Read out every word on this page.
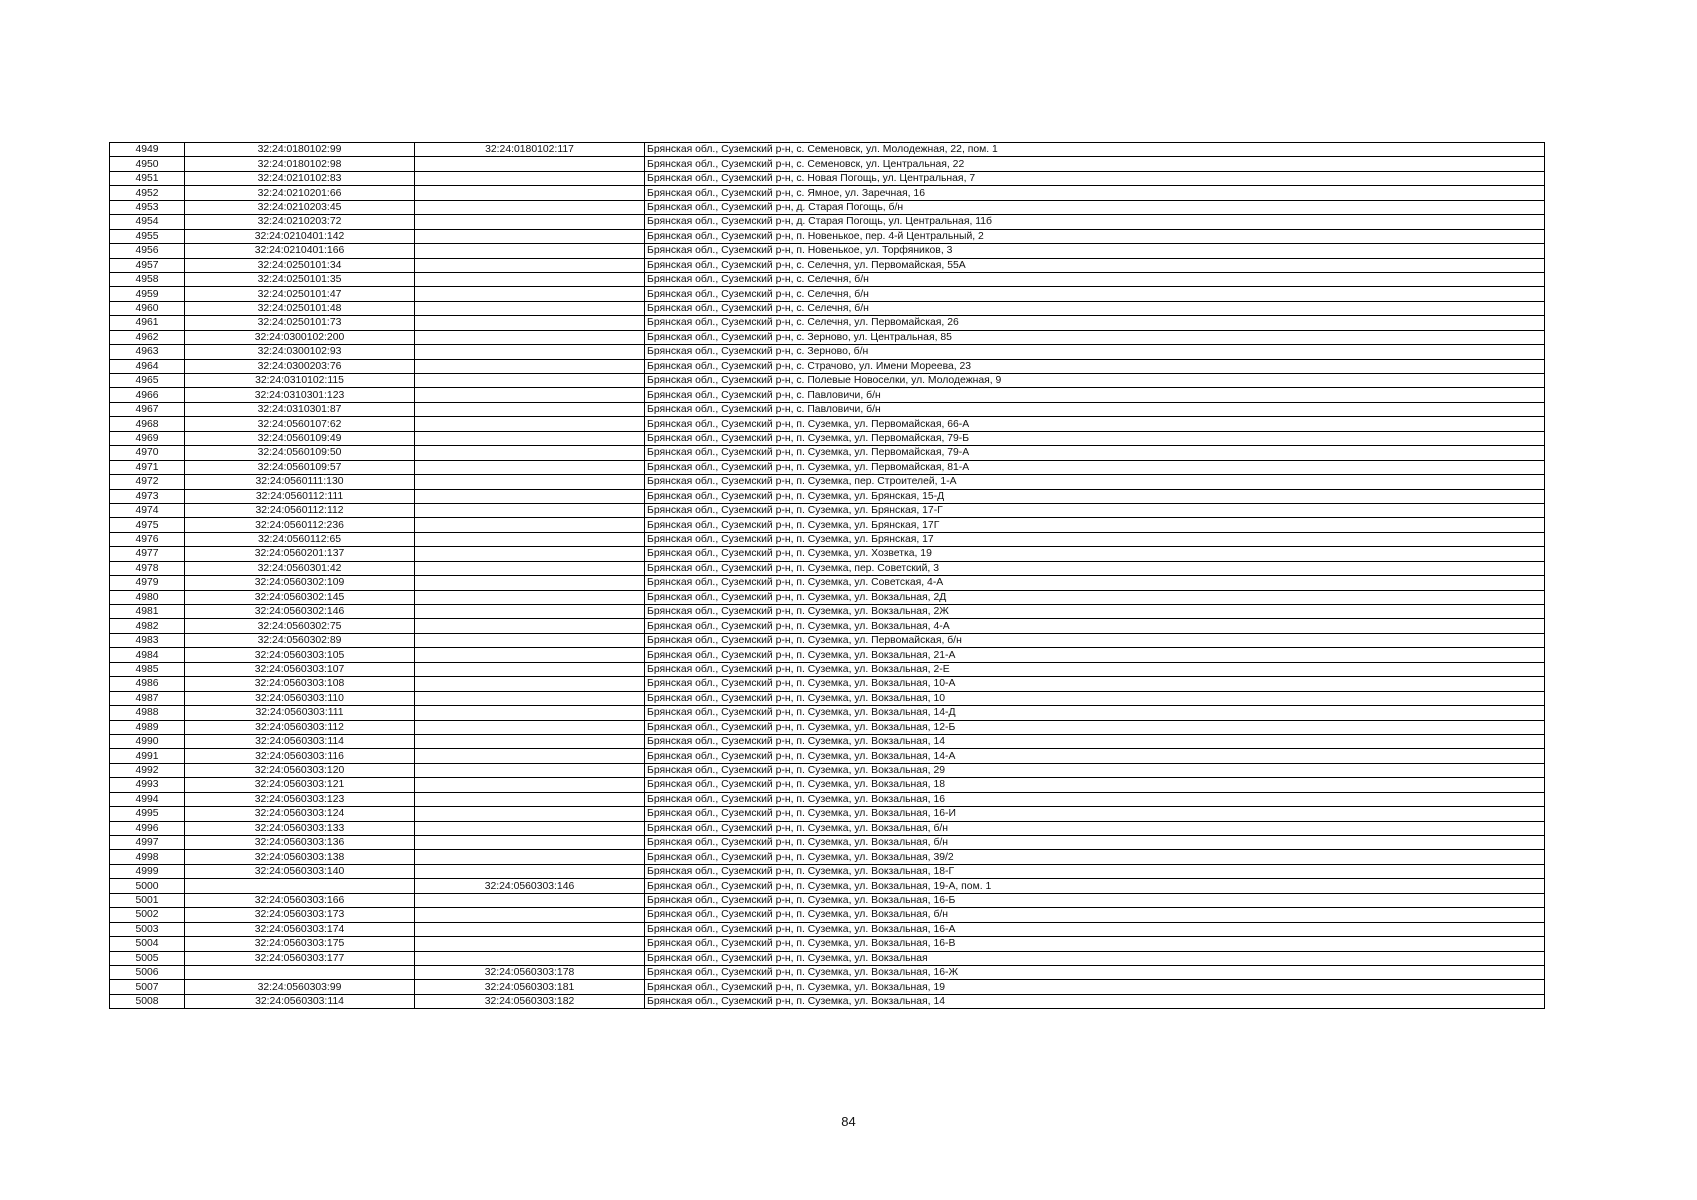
4949	32:24:0180102:99	32:24:0180102:117	Брянская обл., Суземский р-н, с. Семеновск, ул. Молодежная, 22, пом. 1
4950	32:24:0180102:98		Брянская обл., Суземский р-н, с. Семеновск, ул. Центральная, 22
4951	32:24:0210102:83		Брянская обл., Суземский р-н, с. Новая Погощь, ул. Центральная, 7
4952	32:24:0210201:66		Брянская обл., Суземский р-н, с. Ямное, ул. Заречная, 16
4953	32:24:0210203:45		Брянская обл., Суземский р-н, д. Старая Погощь, б/н
4954	32:24:0210203:72		Брянская обл., Суземский р-н, д. Старая Погощь, ул. Центральная, 11б
4955	32:24:0210401:142		Брянская обл., Суземский р-н, п. Новенькое, пер. 4-й Центральный, 2
4956	32:24:0210401:166		Брянская обл., Суземский р-н, п. Новенькое, ул. Торфяников, 3
4957	32:24:0250101:34		Брянская обл., Суземский р-н, с. Селечня, ул. Первомайская, 55А
4958	32:24:0250101:35		Брянская обл., Суземский р-н, с. Селечня, б/н
4959	32:24:0250101:47		Брянская обл., Суземский р-н, с. Селечня, б/н
4960	32:24:0250101:48		Брянская обл., Суземский р-н, с. Селечня, б/н
4961	32:24:0250101:73		Брянская обл., Суземский р-н, с. Селечня, ул. Первомайская, 26
4962	32:24:0300102:200		Брянская обл., Суземский р-н, с. Зерново, ул. Центральная, 85
4963	32:24:0300102:93		Брянская обл., Суземский р-н, с. Зерново, б/н
4964	32:24:0300203:76		Брянская обл., Суземский р-н, с. Страчово, ул. Имени Мореева, 23
4965	32:24:0310102:115		Брянская обл., Суземский р-н, с. Полевые Новоселки, ул. Молодежная, 9
4966	32:24:0310301:123		Брянская обл., Суземский р-н, с. Павловичи, б/н
4967	32:24:0310301:87		Брянская обл., Суземский р-н, с. Павловичи, б/н
4968	32:24:0560107:62		Брянская обл., Суземский р-н, п. Суземка, ул. Первомайская, 66-А
4969	32:24:0560109:49		Брянская обл., Суземский р-н, п. Суземка, ул. Первомайская, 79-Б
4970	32:24:0560109:50		Брянская обл., Суземский р-н, п. Суземка, ул. Первомайская, 79-А
4971	32:24:0560109:57		Брянская обл., Суземский р-н, п. Суземка, ул. Первомайская, 81-А
4972	32:24:0560111:130		Брянская обл., Суземский р-н, п. Суземка, пер. Строителей, 1-А
4973	32:24:0560112:111		Брянская обл., Суземский р-н, п. Суземка, ул. Брянская, 15-Д
4974	32:24:0560112:112		Брянская обл., Суземский р-н, п. Суземка, ул. Брянская, 17-Г
4975	32:24:0560112:236		Брянская обл., Суземский р-н, п. Суземка, ул. Брянская, 17Г
4976	32:24:0560112:65		Брянская обл., Суземский р-н, п. Суземка, ул. Брянская, 17
4977	32:24:0560201:137		Брянская обл., Суземский р-н, п. Суземка, ул. Хозветка, 19
4978	32:24:0560301:42		Брянская обл., Суземский р-н, п. Суземка, пер. Советский, 3
4979	32:24:0560302:109		Брянская обл., Суземский р-н, п. Суземка, ул. Советская, 4-А
4980	32:24:0560302:145		Брянская обл., Суземский р-н, п. Суземка, ул. Вокзальная, 2Д
4981	32:24:0560302:146		Брянская обл., Суземский р-н, п. Суземка, ул. Вокзальная, 2Ж
4982	32:24:0560302:75		Брянская обл., Суземский р-н, п. Суземка, ул. Вокзальная, 4-А
4983	32:24:0560302:89		Брянская обл., Суземский р-н, п. Суземка, ул. Первомайская, б/н
4984	32:24:0560303:105		Брянская обл., Суземский р-н, п. Суземка, ул. Вокзальная, 21-А
4985	32:24:0560303:107		Брянская обл., Суземский р-н, п. Суземка, ул. Вокзальная, 2-Е
4986	32:24:0560303:108		Брянская обл., Суземский р-н, п. Суземка, ул. Вокзальная, 10-А
4987	32:24:0560303:110		Брянская обл., Суземский р-н, п. Суземка, ул. Вокзальная, 10
4988	32:24:0560303:111		Брянская обл., Суземский р-н, п. Суземка, ул. Вокзальная, 14-Д
4989	32:24:0560303:112		Брянская обл., Суземский р-н, п. Суземка, ул. Вокзальная, 12-Б
4990	32:24:0560303:114		Брянская обл., Суземский р-н, п. Суземка, ул. Вокзальная, 14
4991	32:24:0560303:116		Брянская обл., Суземский р-н, п. Суземка, ул. Вокзальная, 14-А
4992	32:24:0560303:120		Брянская обл., Суземский р-н, п. Суземка, ул. Вокзальная, 29
4993	32:24:0560303:121		Брянская обл., Суземский р-н, п. Суземка, ул. Вокзальная, 18
4994	32:24:0560303:123		Брянская обл., Суземский р-н, п. Суземка, ул. Вокзальная, 16
4995	32:24:0560303:124		Брянская обл., Суземский р-н, п. Суземка, ул. Вокзальная, 16-И
4996	32:24:0560303:133		Брянская обл., Суземский р-н, п. Суземка, ул. Вокзальная, б/н
4997	32:24:0560303:136		Брянская обл., Суземский р-н, п. Суземка, ул. Вокзальная, б/н
4998	32:24:0560303:138		Брянская обл., Суземский р-н, п. Суземка, ул. Вокзальная, 39/2
4999	32:24:0560303:140		Брянская обл., Суземский р-н, п. Суземка, ул. Вокзальная, 18-Г
5000		32:24:0560303:146	Брянская обл., Суземский р-н, п. Суземка, ул. Вокзальная, 19-А, пом. 1
5001	32:24:0560303:166		Брянская обл., Суземский р-н, п. Суземка, ул. Вокзальная, 16-Б
5002	32:24:0560303:173		Брянская обл., Суземский р-н, п. Суземка, ул. Вокзальная, б/н
5003	32:24:0560303:174		Брянская обл., Суземский р-н, п. Суземка, ул. Вокзальная, 16-А
5004	32:24:0560303:175		Брянская обл., Суземский р-н, п. Суземка, ул. Вокзальная, 16-В
5005	32:24:0560303:177		Брянская обл., Суземский р-н, п. Суземка, ул. Вокзальная
5006		32:24:0560303:178	Брянская обл., Суземский р-н, п. Суземка, ул. Вокзальная, 16-Ж
5007	32:24:0560303:99	32:24:0560303:181	Брянская обл., Суземский р-н, п. Суземка, ул. Вокзальная, 19
5008	32:24:0560303:114	32:24:0560303:182	Брянская обл., Суземский р-н, п. Суземка, ул. Вокзальная, 14
84
